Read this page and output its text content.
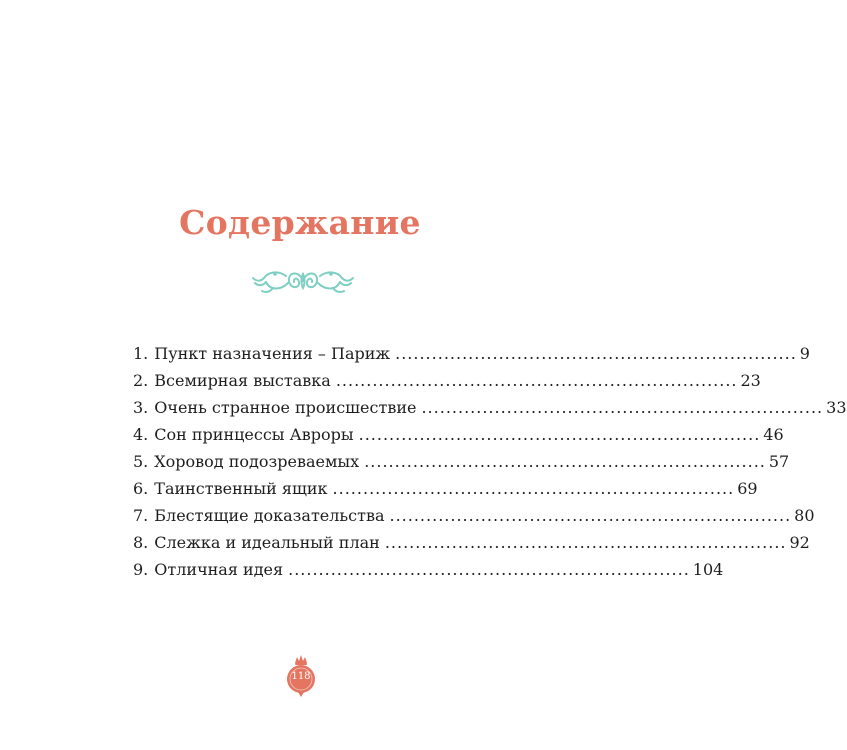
Содержание
1. Пункт назначения – Париж .................................................................. 9
2. Всемирная выставка .................................................................. 23
3. Очень странное происшествие .................................................................. 33
4. Сон принцессы Авроры .................................................................. 46
5. Хоровод подозреваемых .................................................................. 57
6. Таинственный ящик .................................................................. 69
7. Блестящие доказательства .................................................................. 80
8. Слежка и идеальный план .................................................................. 92
9. Отличная идея .................................................................. 104
118
